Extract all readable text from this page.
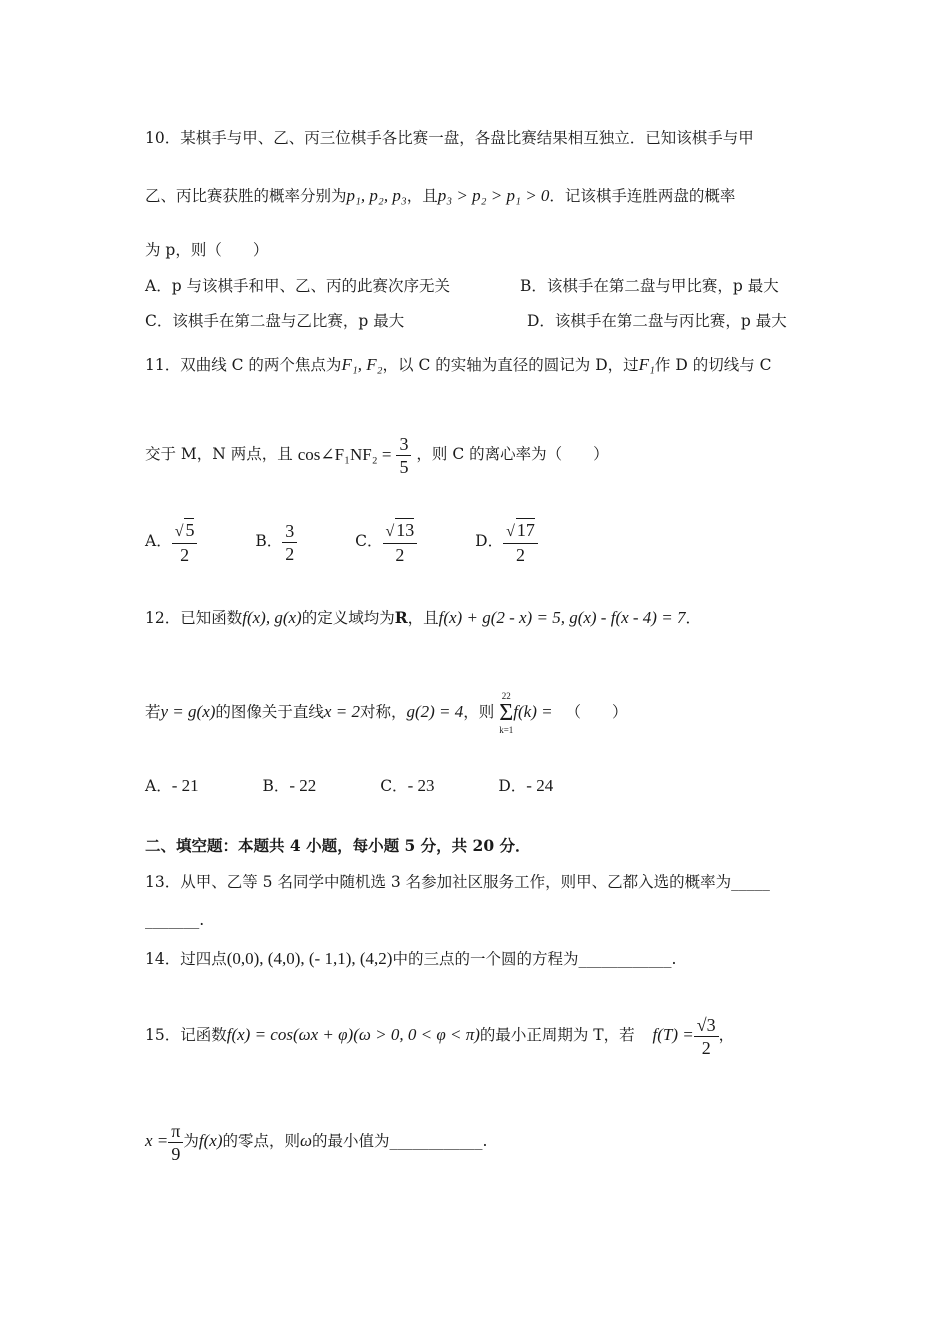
10．某棋手与甲、乙、丙三位棋手各比赛一盘，各盘比赛结果相互独立．已知该棋手与甲
乙、丙比赛获胜的概率分别为p₁, p₂, p₃，且p₃ > p₂ > p₁ > 0．记该棋手连胜两盘的概率
为 p，则（　　）
A．p 与该棋手和甲、乙、丙的此赛次序无关	B．该棋手在第二盘与甲比赛，p 最大
C．该棋手在第二盘与乙比赛，p 最大	D．该棋手在第二盘与丙比赛，p 最大
11．双曲线 C 的两个焦点为F₁, F₂，以 C 的实轴为直径的圆记为 D，过F₁作 D 的切线与 C
交于 M，N 两点，且 cos∠F₁NF₂ = $\frac{3}{5}$ ，则 C 的离心率为（　　）
A． $\frac{√ 5}{2}$	B． $\frac{3}{2}$	C． $\frac{√ 13}{2}$	D． $\frac{√ 17}{2}$
12．已知函数f(x), g(x)的定义域均为R，且f(x) + g(2 - x) = 5, g(x) - f(x - 4) = 7．
若y = g(x)的图像关于直线x = 2对称，g(2) = 4，则
22
Σ
k=1
f(k) = （　　）
A．- 21	B．- 22	C．- 23	D．- 24
二、填空题：本题共 4 小题，每小题 5 分，共 20 分．
13．从甲、乙等 5 名同学中随机选 3 名参加社区服务工作，则甲、乙都入选的概率为_____
_______.
14．过四点(0,0), (4,0), (- 1,1), (4,2)中的三点的一个圆的方程为____________.
15．记函数f(x) = cos(ωx + φ)(ω > 0, 0 < φ < π)的最小正周期为 T，若 $f(T) = \frac{√3}{2}$ ，
$x = \frac{\pi}{9}$ 为f(x)的零点，则ω的最小值为____________.
